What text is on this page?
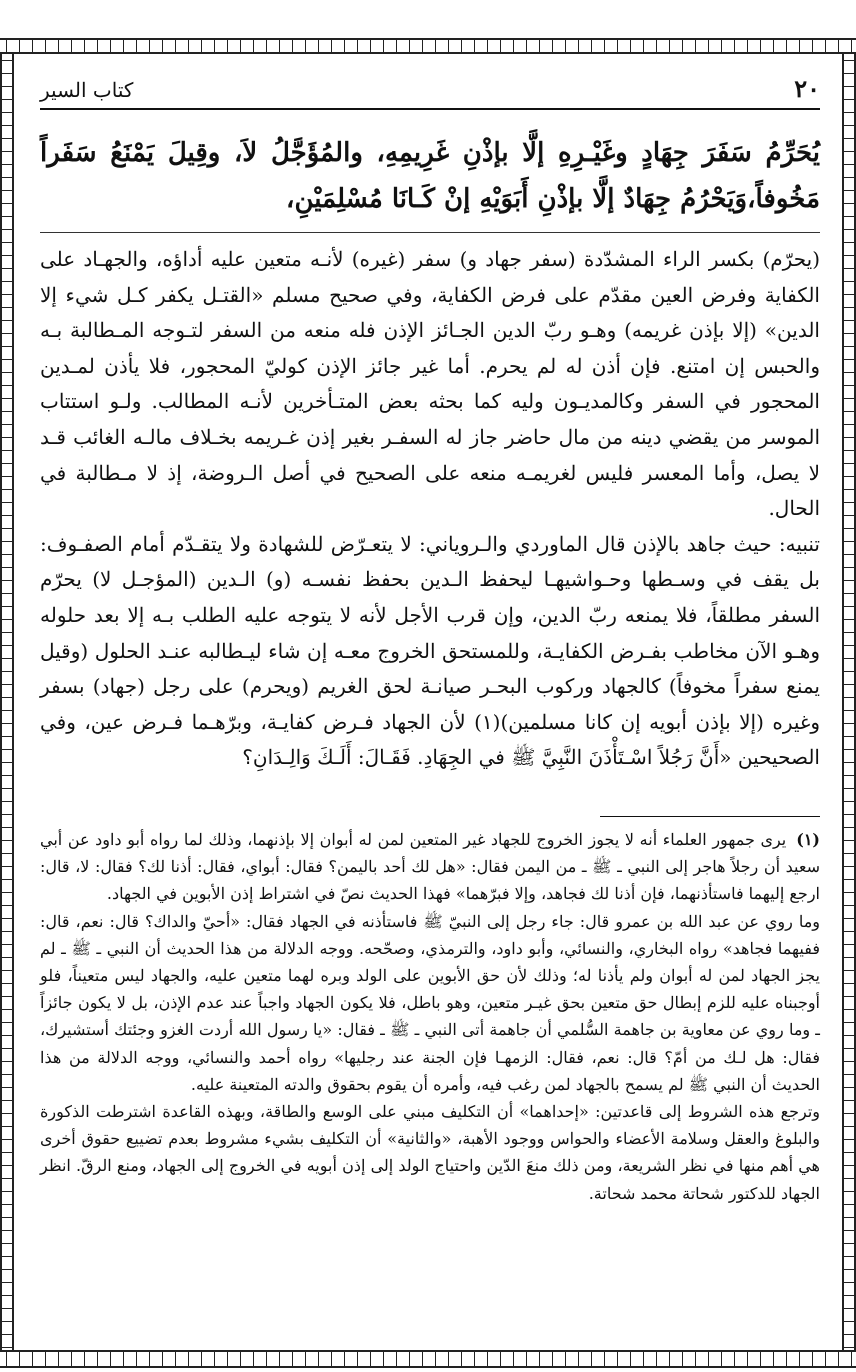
٢٠
كتاب السير
يُحَرِّمُ سَفَرَ جِهَادٍ وغَيْـرِهِ إلَّا بإذْنِ غَرِيمِهِ، والمُؤَجَّلُ لاَ، وقِيلَ يَمْنَعُ سَفَراً مَخُوفاً،وَيَحْرُمُ جِهَادٌ إلَّا بإذْنِ أَبَوَيْهِ إنْ كَـانَا مُسْلِمَيْنِ،

(يحرّم) بكسر الراء المشدّدة (سفر جهاد و) سفر (غيره) لأنـه متعين عليه أداؤه، والجهـاد على الكفاية وفرض العين مقدّم على فرض الكفاية، وفي صحيح مسلم «القتـل يكفر كـل شيء إلا الدين» (إلا بإذن غريمه) وهـو ربّ الدين الجـائز الإذن فله منعه من السفر لتـوجه المـطالبة بـه والحبس إن امتنع. فإن أذن له لم يحرم. أما غير جائز الإذن كوليّ المحجور، فلا يأذن لمـدين المحجور في السفر وكالمديـون وليه كما بحثه بعض المتـأخرين لأنـه المطالب. ولـو استتاب الموسر من يقضي دينه من مال حاضر جاز له السفـر بغير إذن غـريمه بخـلاف مالـه الغائب قـد لا يصل، وأما المعسر فليس لغريمـه منعه على الصحيح في أصل الـروضة، إذ لا مـطالبة في الحال.

تنبيه: حيث جاهد بالإذن قال الماوردي والـروياني: لا يتعـرّض للشهادة ولا يتقـدّم أمام الصفـوف: بل يقف في وسـطها وحـواشيهـا ليحفظ الـدين بحفظ نفسـه (و) الـدين (المؤجـل لا) يحرّم السفر مطلقاً، فلا يمنعه ربّ الدين، وإن قرب الأجل لأنه لا يتوجه عليه الطلب بـه إلا بعد حلوله وهـو الآن مخاطب بفـرض الكفايـة، وللمستحق الخروج معـه إن شاء ليـطالبه عنـد الحلول (وقيل يمنع سفراً مخوفاً) كالجهاد وركوب البحـر صيانـة لحق الغريم (ويحرم) على رجل (جهاد) بسفر وغيره (إلا بإذن أبويه إن كانا مسلمين)(١) لأن الجهاد فـرض كفايـة، وبرّهـما فـرض عين، وفي الصحيحين «أَنَّ رَجُلاً اسْـتَأْذَنَ النَّبِيَّ ﷺ في الجِهَادِ. فَقَـالَ: أَلَـكَ وَالِـدَانِ؟

(١)يرى جمهور العلماء أنه لا يجوز الخروج للجهاد غير المتعين لمن له أبوان إلا بإذنهما، وذلك لما رواه أبو داود عن أبي سعيد أن رجلاً هاجر إلى النبي ـ ﷺ ـ من اليمن فقال: «هل لك أحد باليمن؟ فقال: أبواي، فقال: أذنا لك؟ فقال: لا، قال: ارجع إليهما فاستأذنهما، فإن أذنا لك فجاهد، وإلا فبرّهما» فهذا الحديث نصّ في اشتراط إذن الأبوين في الجهاد.

وما روي عن عبد الله بن عمرو قال: جاء رجل إلى النبيّ ﷺ فاستأذنه في الجهاد فقال: «أحيّ والداك؟ قال: نعم، قال: ففيهما فجاهد» رواه البخاري، والنسائي، وأبو داود، والترمذي، وصحّحه. ووجه الدلالة من هذا الحديث أن النبي ـ ﷺ ـ لم يجز الجهاد لمن له أبوان ولم يأذنا له؛ وذلك لأن حق الأبوين على الولد وبره لهما متعين عليه، والجهاد ليس متعيناً، فلو أوجبناه عليه للزم إبطال حق متعين بحق غيـر متعين، وهو باطل، فلا يكون الجهاد واجباً عند عدم الإذن، بل لا يكون جائزاً ـ وما روي عن معاوية بن جاهمة السُّلمي أن جاهمة أتى النبي ـ ﷺ ـ فقال: «يا رسول الله أردت الغزو وجئتك أستشيرك، فقال: هل لـك من أمّ؟ قال: نعم، فقال: الزمهـا فإن الجنة عند رجليها» رواه أحمد والنسائي، ووجه الدلالة من هذا الحديث أن النبي ﷺ لم يسمح بالجهاد لمن رغب فيه، وأمره أن يقوم بحقوق والدته المتعينة عليه.

وترجع هذه الشروط إلى قاعدتين: «إحداهما» أن التكليف مبني على الوسع والطاقة، وبهذه القاعدة اشترطت الذكورة والبلوغ والعقل وسلامة الأعضاء والحواس ووجود الأهبة، «والثانية» أن التكليف بشيء مشروط بعدم تضييع حقوق أخرى هي أهم منها في نظر الشريعة، ومن ذلك منعَ الدّين واحتياج الولد إلى إذن أبويه في الخروج إلى الجهاد، ومنع الرقّ. انظر الجهاد للدكتور شحاتة محمد شحاتة.
